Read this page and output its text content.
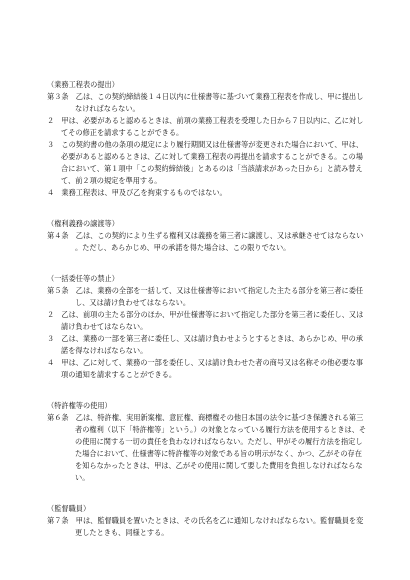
（業務工程表の提出）

第３条　乙は、この契約締結後１４日以内に仕様書等に基づいて業務工程表を作成し、甲に提出しなければならない。

２　甲は、必要があると認めるときは、前項の業務工程表を受理した日から７日以内に、乙に対してその修正を請求することができる。

３　この契約書の他の条項の規定により履行期間又は仕様書等が変更された場合において、甲は、必要があると認めるときは、乙に対して業務工程表の再提出を請求することができる。この場合において、第１項中「この契約締結後」とあるのは「当該請求があった日から」と読み替えて、前２項の規定を準用する。

４　業務工程表は、甲及び乙を拘束するものではない。

（権利義務の譲渡等）

第４条　乙は、この契約により生ずる権利又は義務を第三者に譲渡し、又は承継させてはならない。ただし、あらかじめ、甲の承諾を得た場合は、この限りでない。

（一括委任等の禁止）

第５条　乙は、業務の全部を一括して、又は仕様書等において指定した主たる部分を第三者に委任し、又は請け負わせてはならない。

２　乙は、前項の主たる部分のほか、甲が仕様書等において指定した部分を第三者に委任し、又は請け負わせてはならない。

３　乙は、業務の一部を第三者に委任し、又は請け負わせようとするときは、あらかじめ、甲の承諾を得なければならない。

４　甲は、乙に対して、業務の一部を委任し、又は請け負わせた者の商号又は名称その他必要な事項の通知を請求することができる。

（特許権等の使用）

第６条　乙は、特許権、実用新案権、意匠権、商標権その他日本国の法令に基づき保護される第三者の権利（以下「特許権等」という。）の対象となっている履行方法を使用するときは、その使用に関する一切の責任を負わなければならない。ただし、甲がその履行方法を指定した場合において、仕様書等に特許権等の対象である旨の明示がなく、かつ、乙がその存在を知らなかったときは、甲は、乙がその使用に関して要した費用を負担しなければならない。

（監督職員）

第７条　甲は、監督職員を置いたときは、その氏名を乙に通知しなければならない。監督職員を変更したときも、同様とする。
